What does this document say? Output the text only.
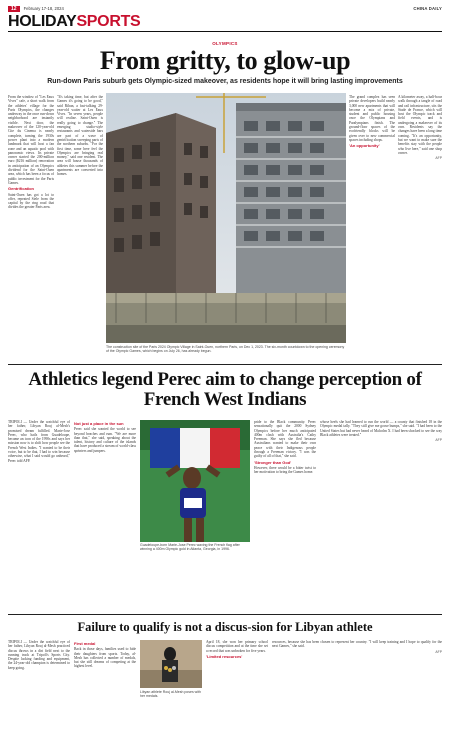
12	February 17-18, 2024	CHINA DAILY
HOLIDAYSPORTS
OLYMPICS
From gritty, to glow-up
Run-down Paris suburb gets Olympic-sized makeover, as residents hope it will bring lasting improvements
From the window of "Les Eaux Vives" cafe, a short walk from the athletes' village for the Paris Olympics, the changes underway in the once run-down neighborhood are instantly visible. Next door, the makeover of the 120-year-old Cite du Cinema is nearly complete, turning the 1930s power plant into a modern landmark that will host a fan zone and an aquatic pool with panoramic views. Its private owner started the 200-million euro ($216 million) renovation in anticipation of an Olympics dividend for the Saint-Ouen area, which has been a focus of public investment for the Paris Games.
Gentrification
Saint-Ouen has got a lot to offer, repeated Siele from the capital by the ring road that divides the greater Paris area.
"It's taking time, but after the Games it's going to be good," said Rihan, a fast-talking 29-year-old waiter at Les Eaux Vives. "In seven years, people will realize. Saint-Ouen is really going to change." The emerging studio-style restaurants and waterside bars are part of a wave of gentrification sweeping parts of the northern suburbs. "For the first time, some here feel the Olympics are bringing real money," said one resident. The area will house thousands of athletes this summer before the apartments are converted into homes.
The construction site of the Paris 2024 Olympic Village in Saint-Ouen, northern Paris, on Dec 1, 2023. The six-month countdown to the opening ceremony of the Olympic Games, which begins on July 26, has already begun.
The grand complex has seen private developers build nearly 3,000 new apartments that will become a mix of private, student and public housing once the Olympians and Paralympians finish. The ground-floor spaces of the ecofriendly blocks will be given over to new commercial spaces including shops.
'An opportunity'
A kilometer away, a half-hour walk through a tangle of road and rail infrastructure, sits the Stade de France, which will host the Olympic track and field events, and is undergoing a makeover of its own. Residents say the changes have been a long time coming. "It's an opportunity, but we want to make sure the benefits stay with the people who live here," said one shop owner.
AFP
Athletics legend Perec aim to change perception of French West Indians
TRIPOLI — Under the watchful eye of her father, Libyan Rouj al-Mesh's promised dream fulfilled. Marie-Jose Perec, who hails from Guadeloupe, became an icon of the 1990s and says her mission now is to shift how people see the French West Indies. "I wanted to be their voice, but to be that, I had to win because otherwise, what I said would go unheard," Perec told AFP.
Not just a place in the sun
Perec said she wanted the world to see beyond beaches and rum. "We are more than that," she said, speaking about the talent, history and culture of the islands that have produced a stream of world-class sprinters and jumpers.
Guadeloupe-born Marie-Jose Perec waving the French flag after winning a 400m Olympic gold in Atlanta, Georgia, in 1996.
pride to the Black community. Perec sensationally quit the 2000 Sydney Olympics before her much anticipated 400m clash with Australia's Cathy Freeman. She says she fled because Australians wanted to make their own peace with their Indigenous people through a Freeman victory. "I was the guilty of all of that," she said.
'Stronger than God'
However, there would be a bitter twist to her motivation to bring the Games home.
whose heels she had learned to run the world — a county that finished 18 in the Olympic medal tally. "They still give me goose bumps," she said. "I had been to the United States but had never heard of Malcolm X. I had been shocked to see the way Black athletes were treated."
AFP
Failure to qualify is not a discus-sion for Libyan athlete
TRIPOLI — Under the watchful eye of her father, Libyan Rouj al-Mesh practiced discus throws in a dirt field next to the running track at Tripoli's Sports City. Despite lacking funding and equipment, the 24-year-old champion is determined to keep going.
First medal
Back in those days, families used to hide their daughters from sports. Today, al-Mesh has collected a number of medals, but she still dreams of competing at the highest level.
Libyan athlete Rouj al-Mesh poses with her medals.
April 18, she won her primary school discus competition and at the time she set a record that was unbroken for five years.
'Limited resources'
resources, because she has been chosen to represent her country. "I will keep training and I hope to qualify for the next Games," she said.
AFP
